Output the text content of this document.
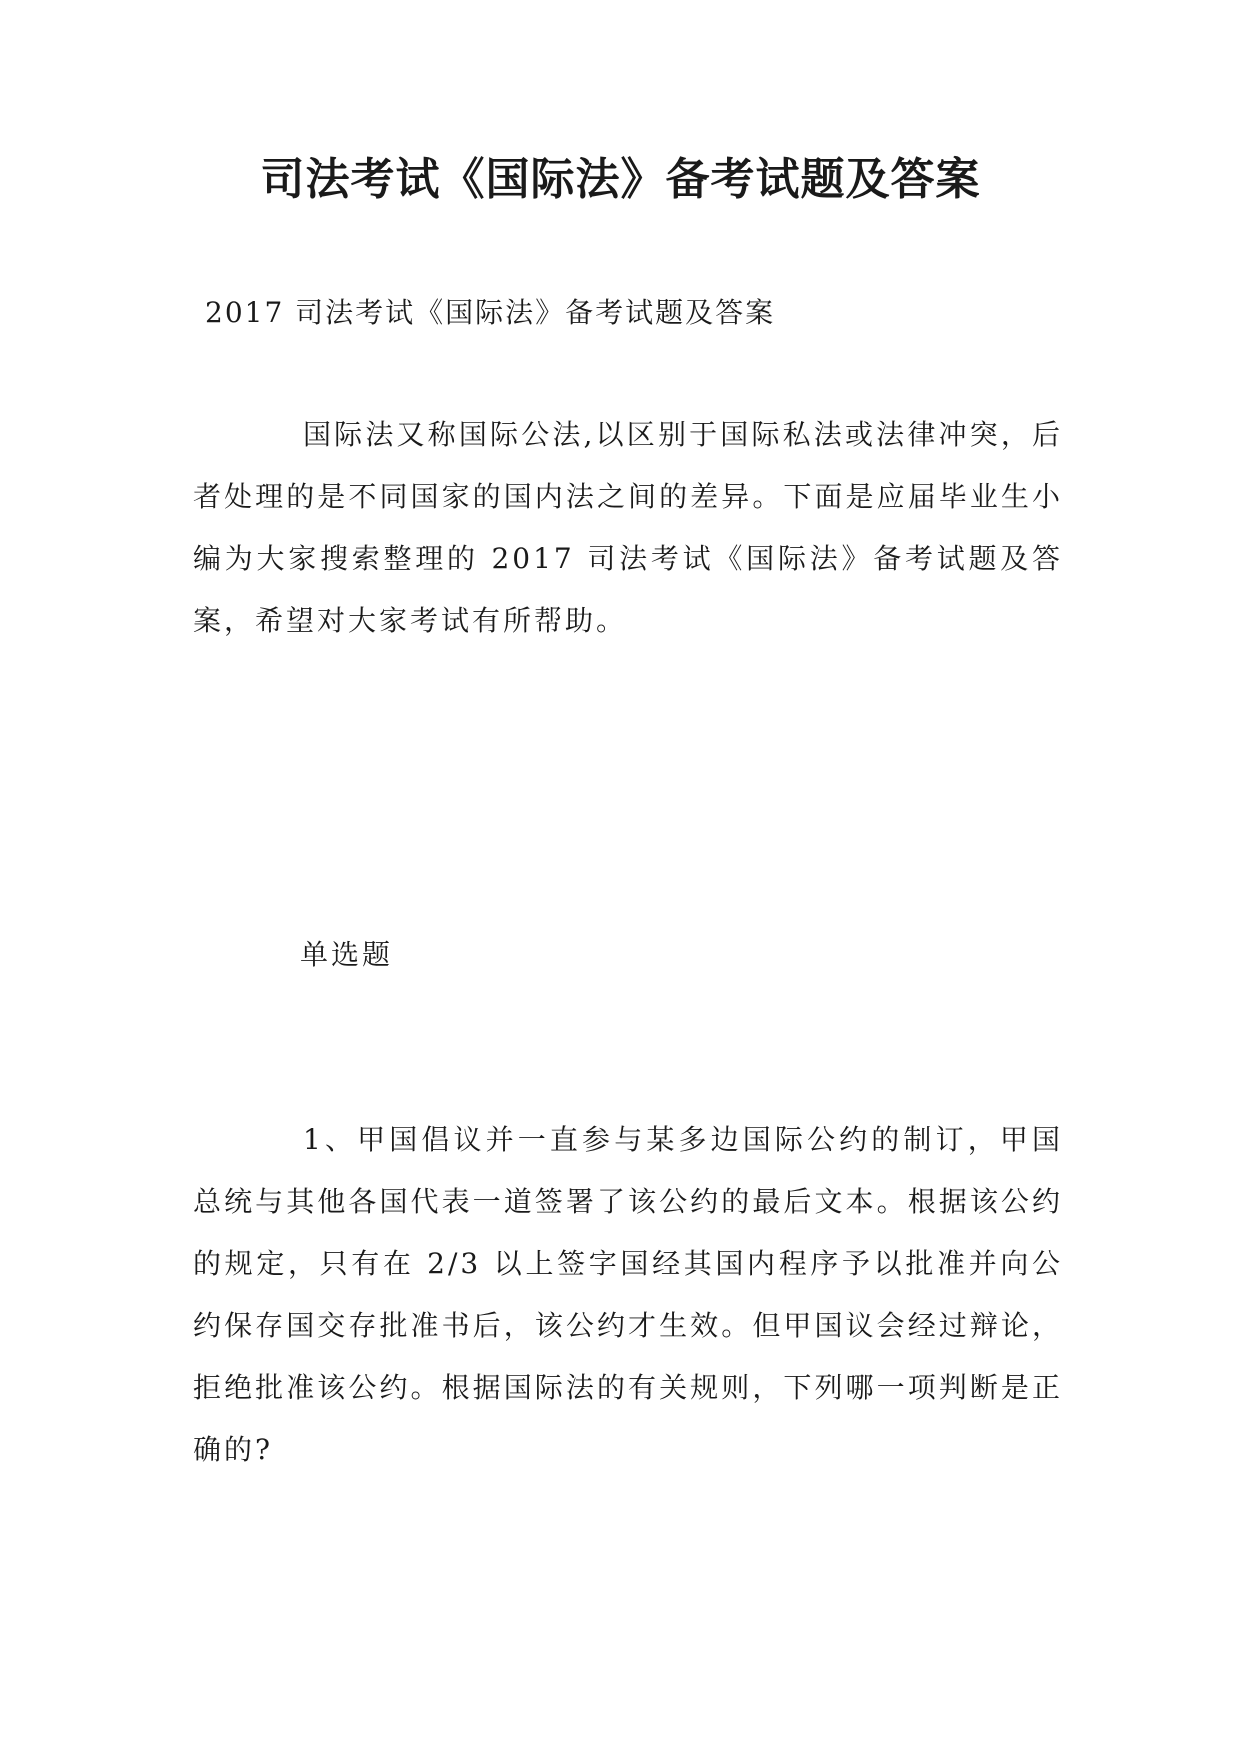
司法考试《国际法》备考试题及答案
2017 司法考试《国际法》备考试题及答案

国际法又称国际公法,以区别于国际私法或法律冲突，后者处理的是不同国家的国内法之间的差异。下面是应届毕业生小编为大家搜索整理的 2017 司法考试《国际法》备考试题及答案，希望对大家考试有所帮助。

单选题

1、甲国倡议并一直参与某多边国际公约的制订，甲国总统与其他各国代表一道签署了该公约的最后文本。根据该公约的规定，只有在 2/3 以上签字国经其国内程序予以批准并向公约保存国交存批准书后，该公约才生效。但甲国议会经过辩论，拒绝批准该公约。根据国际法的有关规则，下列哪一项判断是正确的?
